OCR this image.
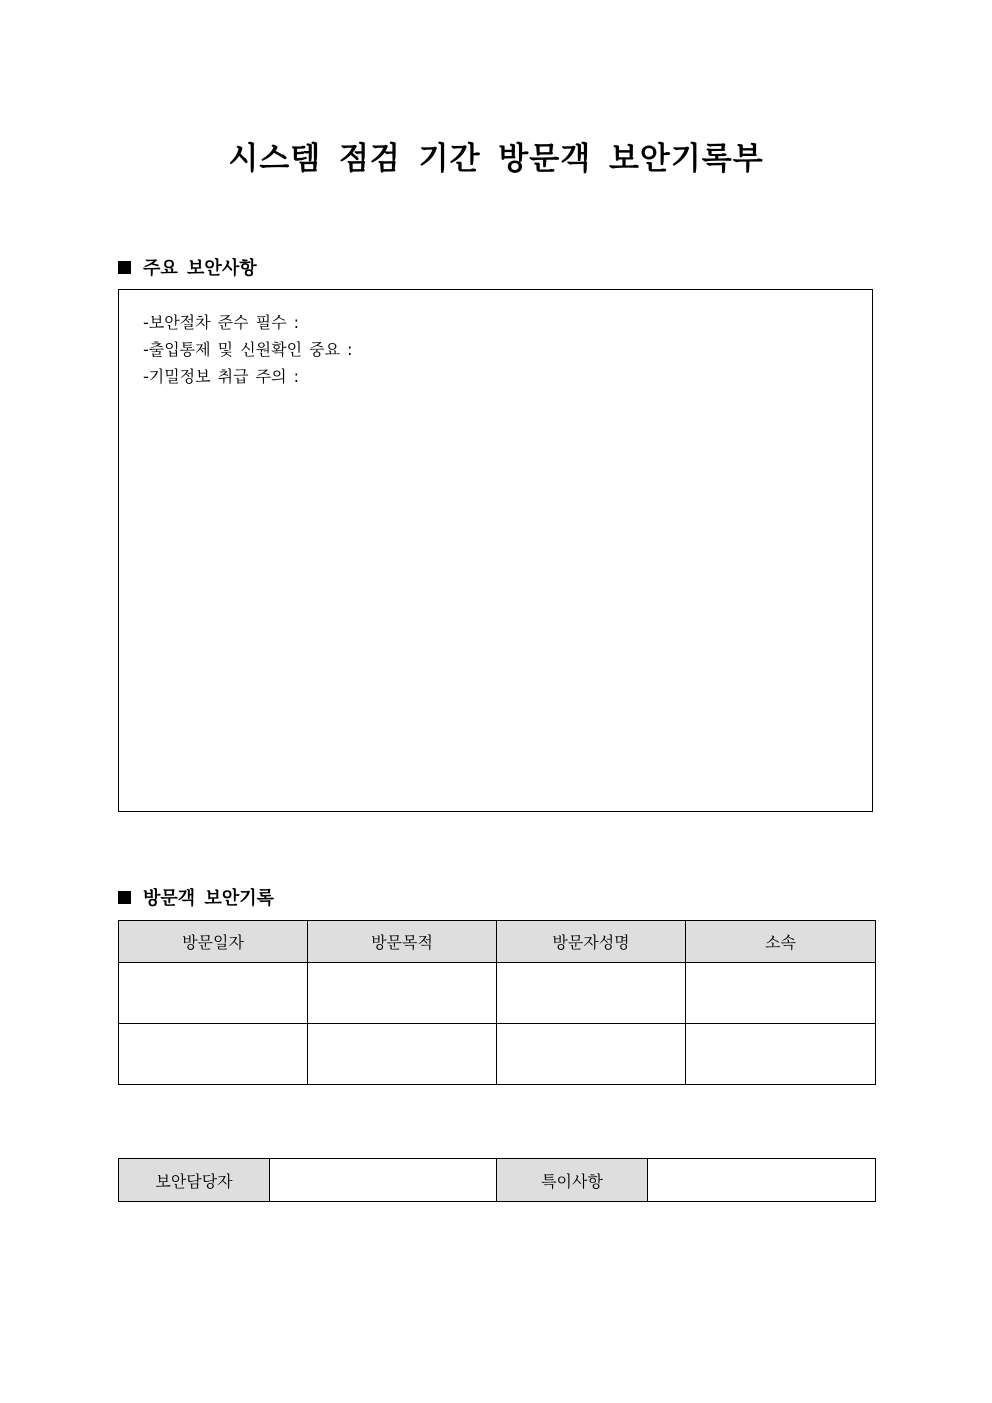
시스템 점검 기간 방문객 보안기록부
주요 보안사항
-보안절차 준수 필수 :
-출입통제 및 신원확인 중요 :
-기밀정보 취급 주의 :
방문객 보안기록
방문일자	방문목적	방문자성명	소속

보안담당자		특이사항	
